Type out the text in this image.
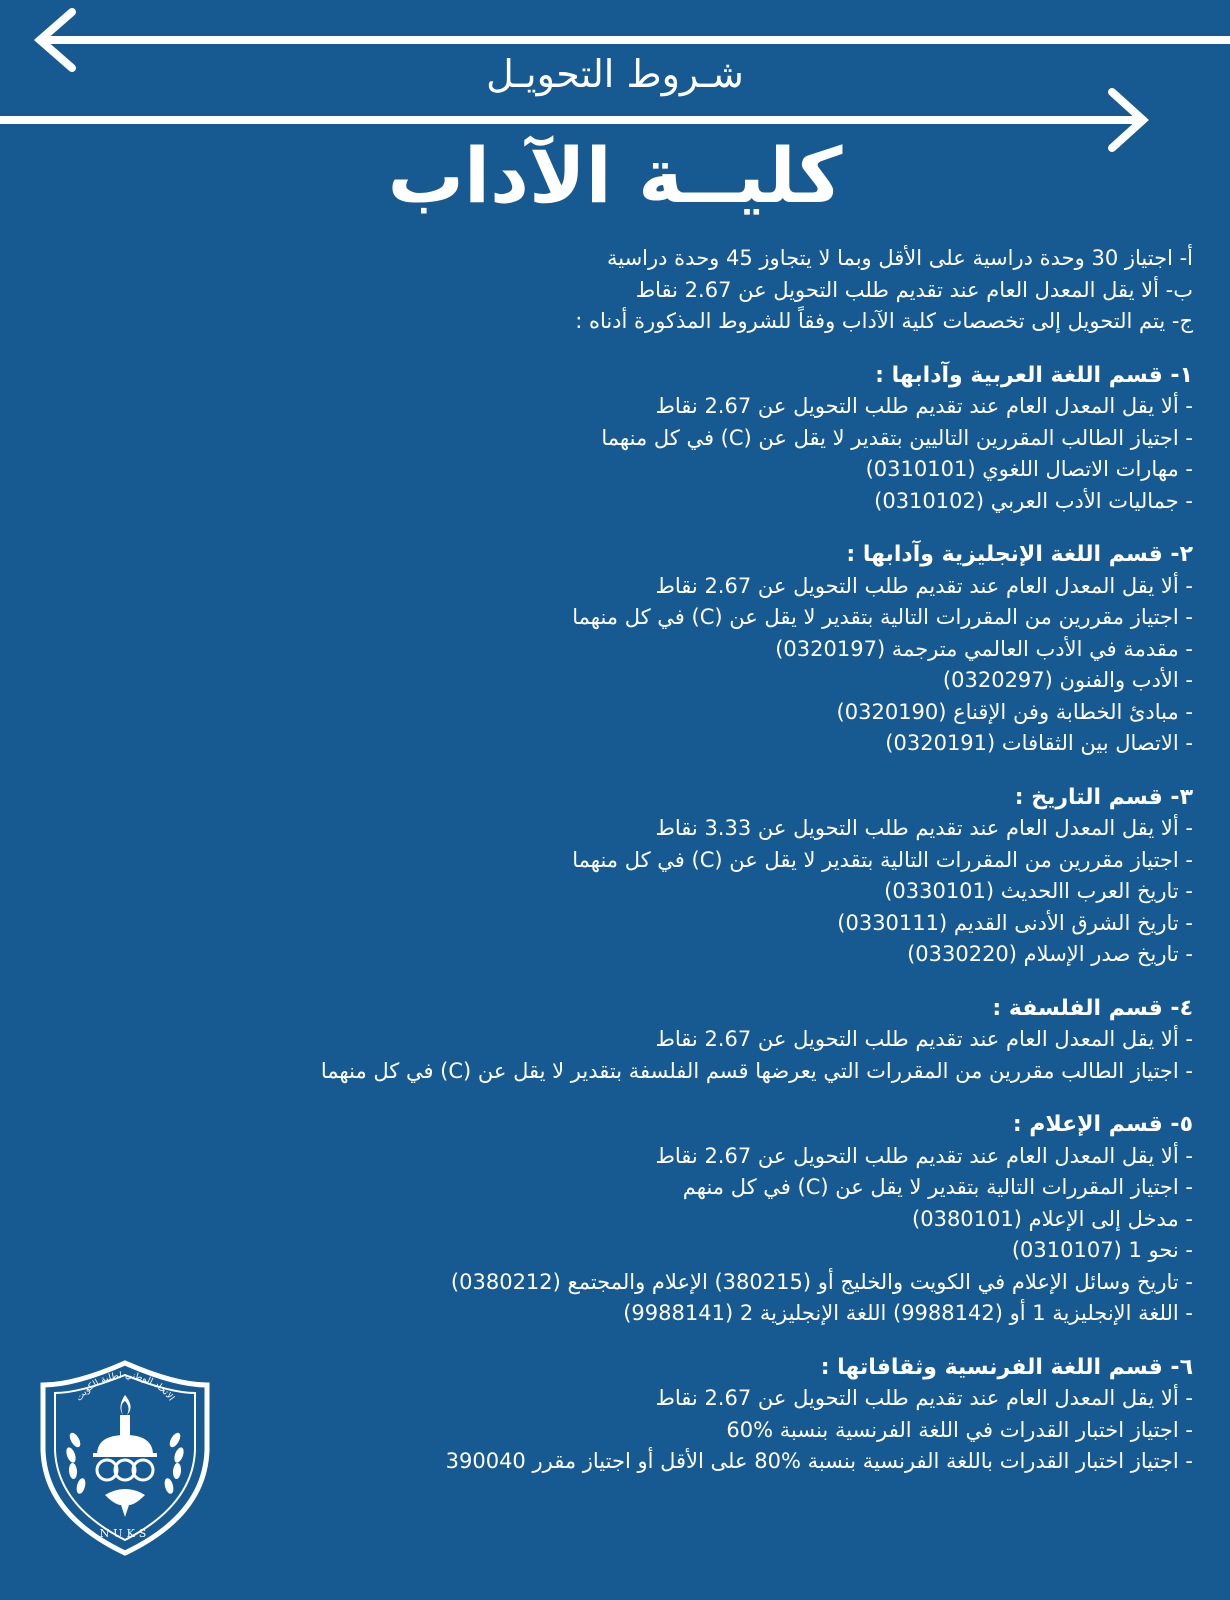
شـروط التحويـل
كليــة الآداب

أ- اجتياز 30 وحدة دراسية على الأقل وبما لا يتجاوز 45 وحدة دراسية

ب- ألا يقل المعدل العام عند تقديم طلب التحويل عن 2.67 نقاط

ج- يتم التحويل إلى تخصصات كلية الآداب وفقاً للشروط المذكورة أدناه :

١- قسم اللغة العربية وآدابها :

- ألا يقل المعدل العام عند تقديم طلب التحويل عن 2.67 نقاط

- اجتياز الطالب المقررين التاليين بتقدير لا يقل عن (C) في كل منهما

- مهارات الاتصال اللغوي (0310101)

- جماليات الأدب العربي (0310102)

٢- قسم اللغة الإنجليزية وآدابها :

- ألا يقل المعدل العام عند تقديم طلب التحويل عن 2.67 نقاط

- اجتياز مقررين من المقررات التالية بتقدير لا يقل عن (C) في كل منهما

- مقدمة في الأدب العالمي مترجمة (0320197)

- الأدب والفنون (0320297)

- مبادئ الخطابة وفن الإقناع (0320190)

- الاتصال بين الثقافات (0320191)

٣- قسم التاريخ :

- ألا يقل المعدل العام عند تقديم طلب التحويل عن 3.33 نقاط

- اجتياز مقررين من المقررات التالية بتقدير لا يقل عن (C) في كل منهما

- تاريخ العرب االحديث (0330101)

- تاريخ الشرق الأدنى القديم (0330111)

- تاريخ صدر الإسلام (0330220)

٤- قسم الفلسفة :

- ألا يقل المعدل العام عند تقديم طلب التحويل عن 2.67 نقاط

- اجتياز الطالب مقررين من المقررات التي يعرضها قسم الفلسفة بتقدير لا يقل عن (C) في كل منهما

٥- قسم الإعلام :

- ألا يقل المعدل العام عند تقديم طلب التحويل عن 2.67 نقاط

- اجتياز المقررات التالية بتقدير لا يقل عن (C) في كل منهم

- مدخل إلى الإعلام (0380101)

- نحو 1 (0310107)

- تاريخ وسائل الإعلام في الكويت والخليج أو (380215) الإعلام والمجتمع (0380212)

- اللغة الإنجليزية 1 أو (9988142) اللغة الإنجليزية 2 (9988141)

٦- قسم اللغة الفرنسية وثقافاتها :

- ألا يقل المعدل العام عند تقديم طلب التحويل عن 2.67 نقاط

- اجتياز اختبار القدرات في اللغة الفرنسية بنسبة %60

- اجتياز اختبار القدرات باللغة الفرنسية بنسبة %80 على الأقل أو اجتياز مقرر 390040

الاتحاد الوطني لطلبة الكويت
NUKS
